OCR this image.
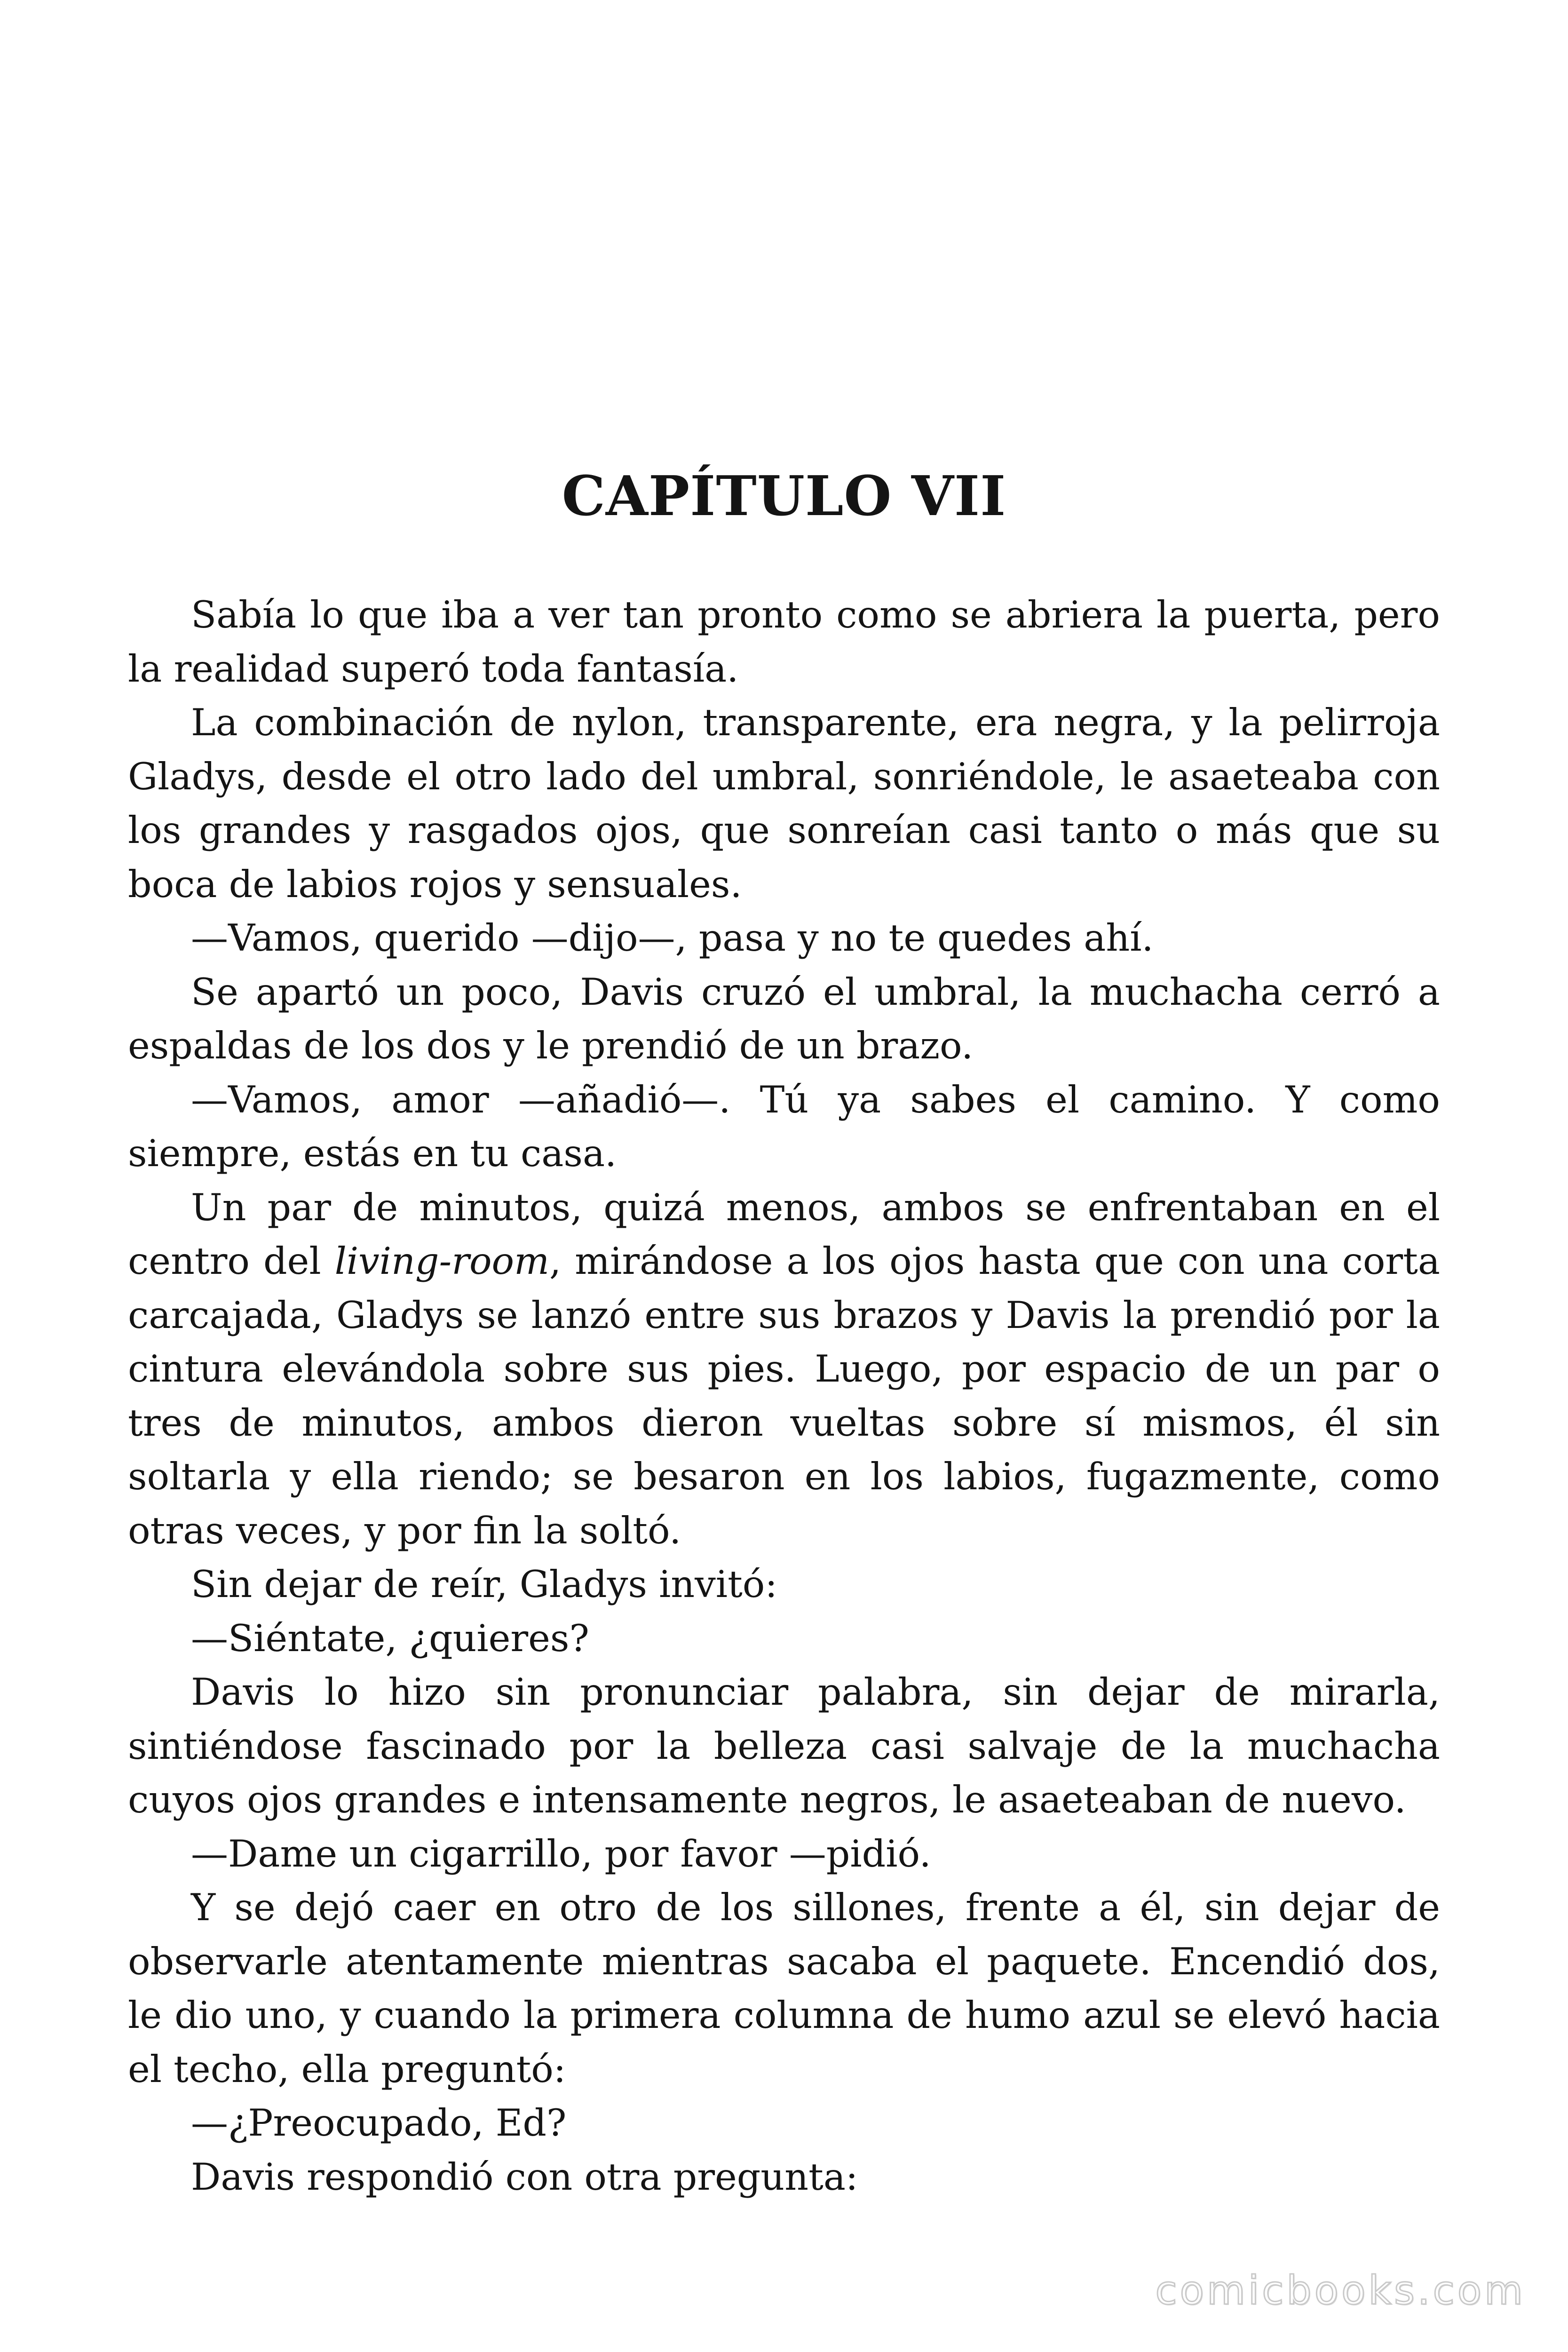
CAPÍTULO VII

Sabía lo que iba a ver tan pronto como se abriera la puerta, pero la realidad superó toda fantasía.

La combinación de nylon, transparente, era negra, y la pelirroja Gladys, desde el otro lado del umbral, sonriéndole, le asaeteaba con los grandes y rasgados ojos, que sonreían casi tanto o más que su boca de labios rojos y sensuales.

—Vamos, querido —dijo—, pasa y no te quedes ahí.

Se apartó un poco, Davis cruzó el umbral, la muchacha cerró a espaldas de los dos y le prendió de un brazo.

—Vamos, amor —añadió—. Tú ya sabes el camino. Y como siempre, estás en tu casa.

Un par de minutos, quizá menos, ambos se enfrentaban en el centro del living-room, mirándose a los ojos hasta que con una corta carcajada, Gladys se lanzó entre sus brazos y Davis la prendió por la cintura elevándola sobre sus pies. Luego, por espacio de un par o tres de minutos, ambos dieron vueltas sobre sí mismos, él sin soltarla y ella riendo; se besaron en los labios, fugazmente, como otras veces, y por fin la soltó.

Sin dejar de reír, Gladys invitó:

—Siéntate, ¿quieres?

Davis lo hizo sin pronunciar palabra, sin dejar de mirarla, sintiéndose fascinado por la belleza casi salvaje de la muchacha cuyos ojos grandes e intensamente negros, le asaeteaban de nuevo.

—Dame un cigarrillo, por favor —pidió.

Y se dejó caer en otro de los sillones, frente a él, sin dejar de observarle atentamente mientras sacaba el paquete. Encendió dos, le dio uno, y cuando la primera columna de humo azul se elevó hacia el techo, ella preguntó:

—¿Preocupado, Ed?

Davis respondió con otra pregunta:

comicbooks.com
